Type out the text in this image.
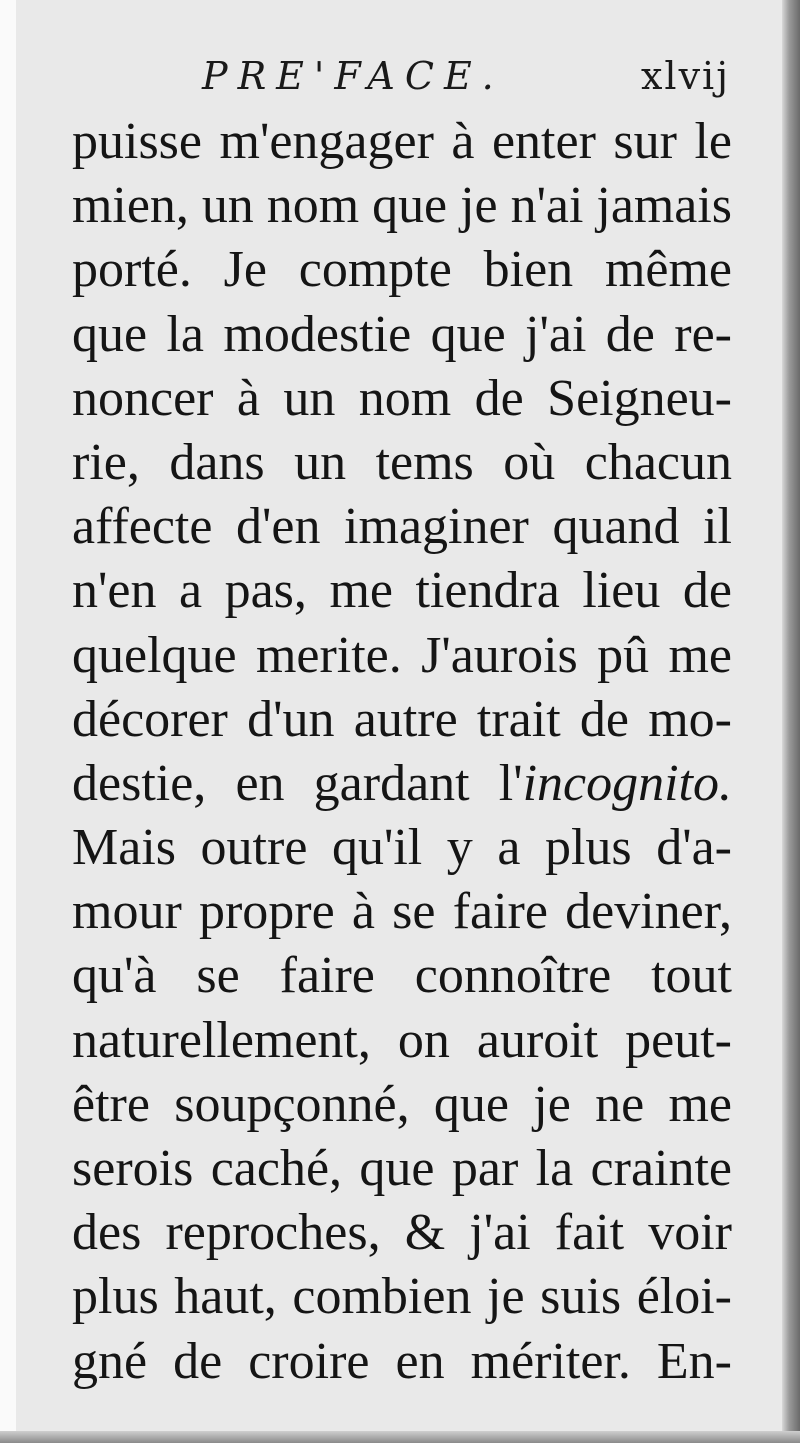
PRE'FACE.	xlvij
puisse m'engager à enter sur le
mien, un nom que je n'ai jamais
porté. Je compte bien même
que la modestie que j'ai de re-
noncer à un nom de Seigneu-
rie, dans un tems où chacun
affecte d'en imaginer quand il
n'en a pas, me tiendra lieu de
quelque merite. J'aurois pû me
décorer d'un autre trait de mo-
destie, en gardant l'incognito.
Mais outre qu'il y a plus d'a-
mour propre à se faire deviner,
qu'à se faire connoître tout
naturellement, on auroit peut-
être soupçonné, que je ne me
serois caché, que par la crainte
des reproches, & j'ai fait voir
plus haut, combien je suis éloi-
gné de croire en mériter. En-
